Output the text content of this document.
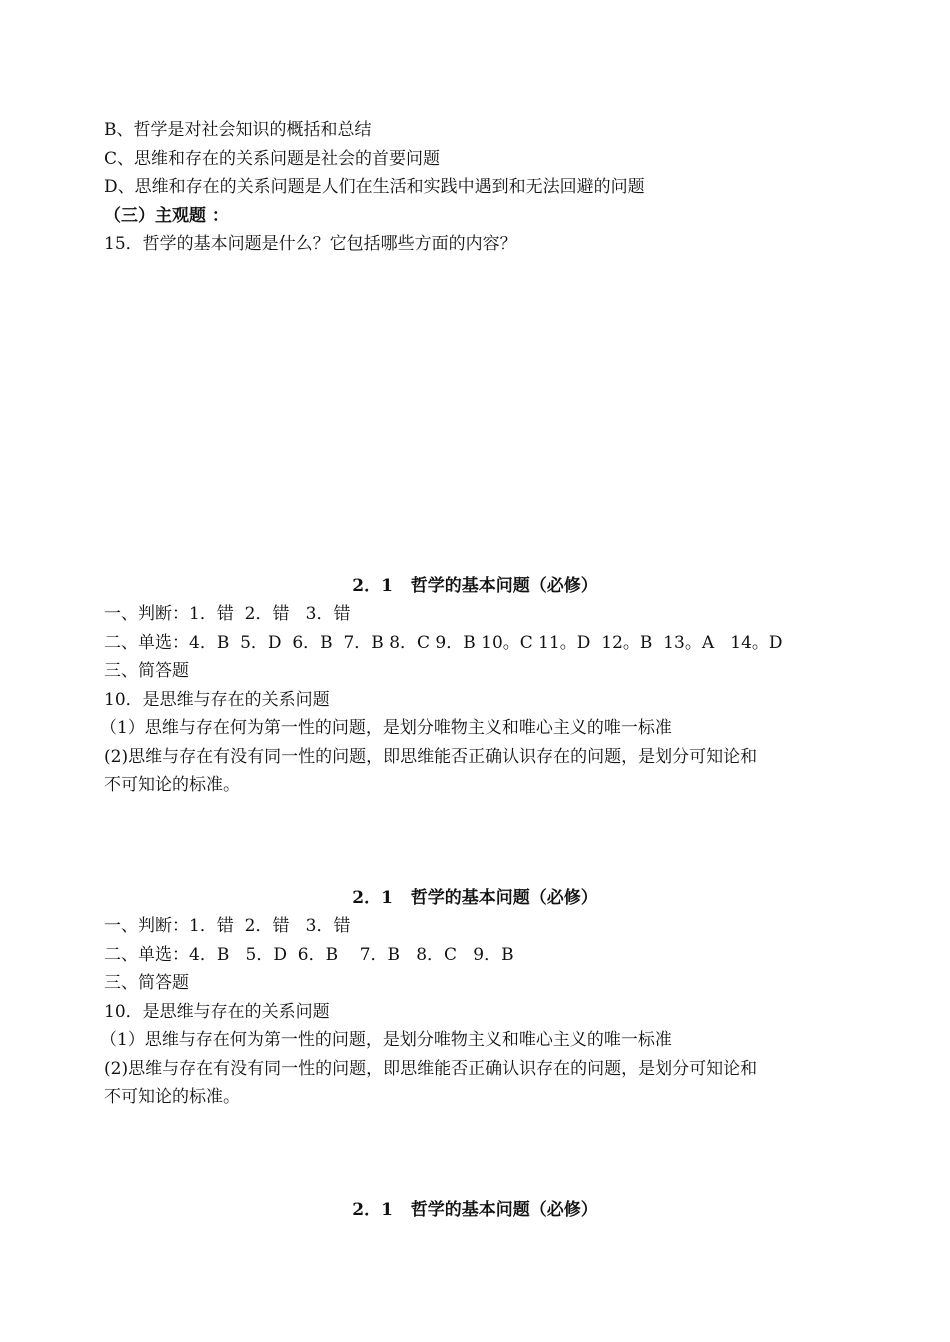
B、哲学是对社会知识的概括和总结
C、思维和存在的关系问题是社会的首要问题
D、思维和存在的关系问题是人们在生活和实践中遇到和无法回避的问题
（三）主观题 ：
15．哲学的基本问题是什么？它包括哪些方面的内容？
2．1   哲学的基本问题（必修）
一、判断：1．错  2．错   3．错
二、单选：4．B  5．D  6．B  7．B 8．C 9．B 10。C 11。D  12。B  13。A   14。D
三、简答题
10．是思维与存在的关系问题
（1）思维与存在何为第一性的问题，是划分唯物主义和唯心主义的唯一标准
(2)思维与存在有没有同一性的问题，即思维能否正确认识存在的问题，是划分可知论和
不可知论的标准。
2．1   哲学的基本问题（必修）
一、判断：1．错  2．错   3．错
二、单选：4．B   5．D  6．B    7．B   8．C   9．B
三、简答题
10．是思维与存在的关系问题
（1）思维与存在何为第一性的问题，是划分唯物主义和唯心主义的唯一标准
(2)思维与存在有没有同一性的问题，即思维能否正确认识存在的问题，是划分可知论和
不可知论的标准。
2．1   哲学的基本问题（必修）
